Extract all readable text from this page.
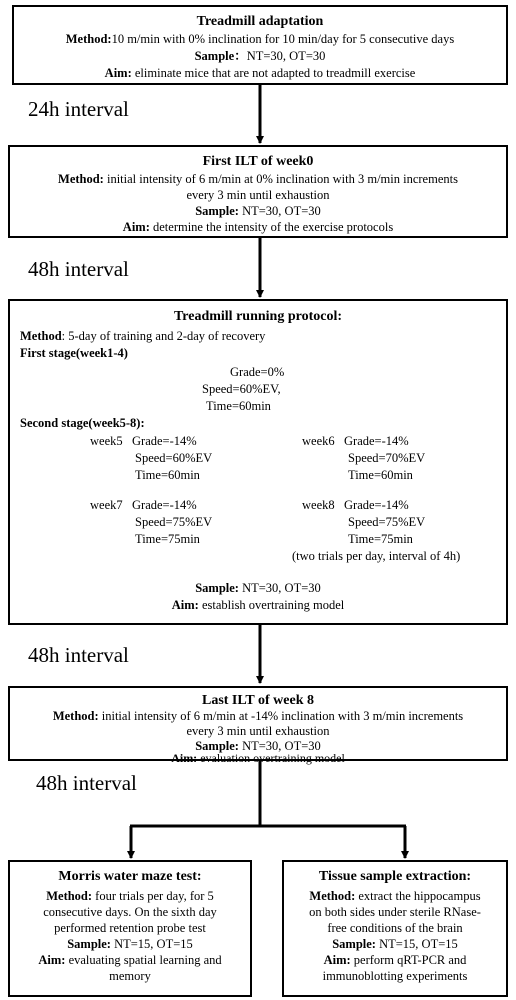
Treadmill adaptation
Method:10 m/min with 0% inclination for 10 min/day for 5 consecutive days
Sample：NT=30, OT=30
Aim: eliminate mice that are not adapted to treadmill exercise
24h interval
First ILT of week0
Method: initial intensity of 6 m/min at 0% inclination with 3 m/min increments
every 3 min until exhaustion
Sample: NT=30, OT=30
Aim: determine the intensity of the exercise protocols
48h interval
Treadmill running protocol:
Method: 5-day of training and 2-day of recovery
First stage(week1-4)
Grade=0%
Speed=60%EV,
Time=60min
Second stage(week5-8):
week5 Grade=-14%
Speed=60%EV
Time=60min
week6 Grade=-14%
Speed=70%EV
Time=60min
week7 Grade=-14%
Speed=75%EV
Time=75min
week8 Grade=-14%
Speed=75%EV
Time=75min
(two trials per day, interval of 4h)
Sample: NT=30, OT=30
Aim: establish overtraining model
48h interval
Last ILT of week 8
Method: initial intensity of 6 m/min at -14% inclination with 3 m/min increments
every 3 min until exhaustion
Sample: NT=30, OT=30
Aim: evaluation overtraining model
48h interval
Morris water maze test:
Method: four trials per day, for 5
consecutive days. On the sixth day
performed retention probe test
Sample: NT=15, OT=15
Aim: evaluating spatial learning and
memory
Tissue sample extraction:
Method: extract the hippocampus
on both sides under sterile RNase-
free conditions of the brain
Sample: NT=15, OT=15
Aim: perform qRT-PCR and
immunoblotting experiments
